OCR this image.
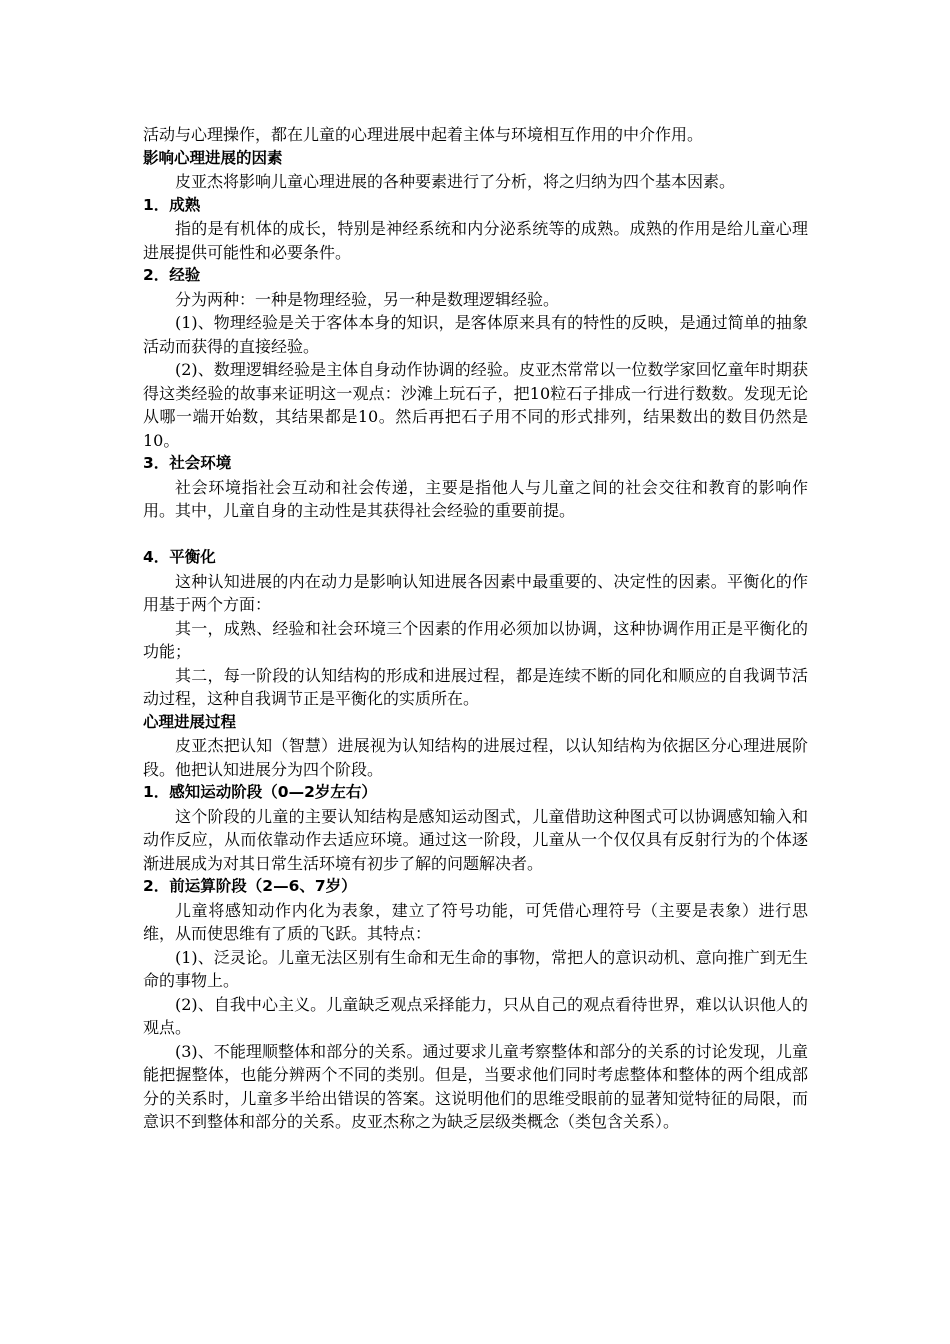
活动与心理操作，都在儿童的心理进展中起着主体与环境相互作用的中介作用。

影响心理进展的因素

皮亚杰将影响儿童心理进展的各种要素进行了分析，将之归纳为四个基本因素。

1．成熟

指的是有机体的成长，特别是神经系统和内分泌系统等的成熟。成熟的作用是给儿童心理进展提供可能性和必要条件。

2．经验

分为两种：一种是物理经验，另一种是数理逻辑经验。

(1)、物理经验是关于客体本身的知识，是客体原来具有的特性的反映，是通过简单的抽象活动而获得的直接经验。

(2)、数理逻辑经验是主体自身动作协调的经验。皮亚杰常常以一位数学家回忆童年时期获得这类经验的故事来证明这一观点：沙滩上玩石子，把10粒石子排成一行进行数数。发现无论从哪一端开始数，其结果都是10。然后再把石子用不同的形式排列，结果数出的数目仍然是10。

3．社会环境

社会环境指社会互动和社会传递，主要是指他人与儿童之间的社会交往和教育的影响作用。其中，儿童自身的主动性是其获得社会经验的重要前提。

4．平衡化

这种认知进展的内在动力是影响认知进展各因素中最重要的、决定性的因素。平衡化的作用基于两个方面：

其一，成熟、经验和社会环境三个因素的作用必须加以协调，这种协调作用正是平衡化的功能；

其二，每一阶段的认知结构的形成和进展过程，都是连续不断的同化和顺应的自我调节活动过程，这种自我调节正是平衡化的实质所在。

心理进展过程

皮亚杰把认知（智慧）进展视为认知结构的进展过程，以认知结构为依据区分心理进展阶段。他把认知进展分为四个阶段。

1．感知运动阶段（0—2岁左右）

这个阶段的儿童的主要认知结构是感知运动图式，儿童借助这种图式可以协调感知输入和动作反应，从而依靠动作去适应环境。通过这一阶段，儿童从一个仅仅具有反射行为的个体逐渐进展成为对其日常生活环境有初步了解的问题解决者。

2．前运算阶段（2—6、7岁）

儿童将感知动作内化为表象，建立了符号功能，可凭借心理符号（主要是表象）进行思维，从而使思维有了质的飞跃。其特点：

(1)、泛灵论。儿童无法区别有生命和无生命的事物，常把人的意识动机、意向推广到无生命的事物上。

(2)、自我中心主义。儿童缺乏观点采择能力，只从自己的观点看待世界，难以认识他人的观点。

(3)、不能理顺整体和部分的关系。通过要求儿童考察整体和部分的关系的讨论发现，儿童能把握整体，也能分辨两个不同的类别。但是，当要求他们同时考虑整体和整体的两个组成部分的关系时，儿童多半给出错误的答案。这说明他们的思维受眼前的显著知觉特征的局限，而意识不到整体和部分的关系。皮亚杰称之为缺乏层级类概念（类包含关系）。
